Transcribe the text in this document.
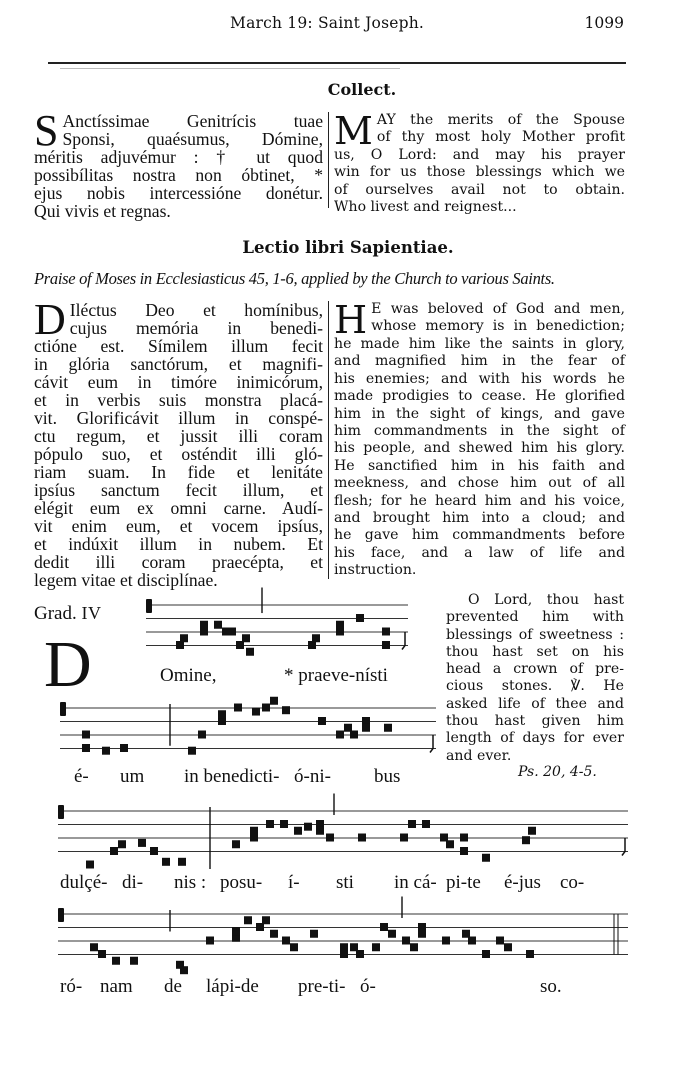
March 19: Saint Joseph.	1099
Collect.
S Anctíssimae Genitrícis tuae
Sponsi, quaésumus, Dómine,
méritis adjuvémur : † ut quod
possibílitas nostra non óbtinet, *
ejus nobis intercessióne donétur.
Qui vivis et regnas.
M AY the merits of the Spouse
of thy most holy Mother profit
us, O Lord: and may his prayer
win for us those blessings which we
of ourselves avail not to obtain.
Who livest and reignest...
Lectio libri Sapientiae.
Praise of Moses in Ecclesiasticus 45, 1-6, applied by the Church to various Saints.
D Iléctus Deo et homínibus,
cujus memória in benedi-
ctióne est. Símilem illum fecit
in glória sanctórum, et magnifi-
cávit eum in timóre inimicórum,
et in verbis suis monstra placá-
vit. Glorificávit illum in conspé-
ctu regum, et jussit illi coram
pópulo suo, et osténdit illi gló-
riam suam. In fide et lenitáte
ipsíus sanctum fecit illum, et
elégit eum ex omni carne. Audí-
vit enim eum, et vocem ipsíus,
et indúxit illum in nubem. Et
dedit illi coram praecépta, et
legem vitae et disciplínae.
H E was beloved of God and men,
whose memory is in benediction;
he made him like the saints in glory,
and magnified him in the fear of
his enemies; and with his words he
made prodigies to cease. He glorified
him in the sight of kings, and gave
him commandments in the sight of
his people, and shewed him his glory.
He sanctified him in his faith and
meekness, and chose him out of all
flesh; for he heard him and his voice,
and brought him into a cloud; and
he gave him commandments before
his face, and a law of life and
instruction.
Grad. IV
D
O Lord, thou hast
prevented him with
blessings of sweetness :
thou hast set on his
head a crown of pre-
cious stones. ℣. He
asked life of thee and
thou hast given him
length of days for ever
and ever.
Ps. 20, 4-5.
Omine,	* praeve-nísti
é- um in benedicti- ó-ni- bus
dulçé- di- nis : posu- í- sti in cá- pi-te é-jus co-
ró- nam de lápi-de pre-ti- ó-	so.
